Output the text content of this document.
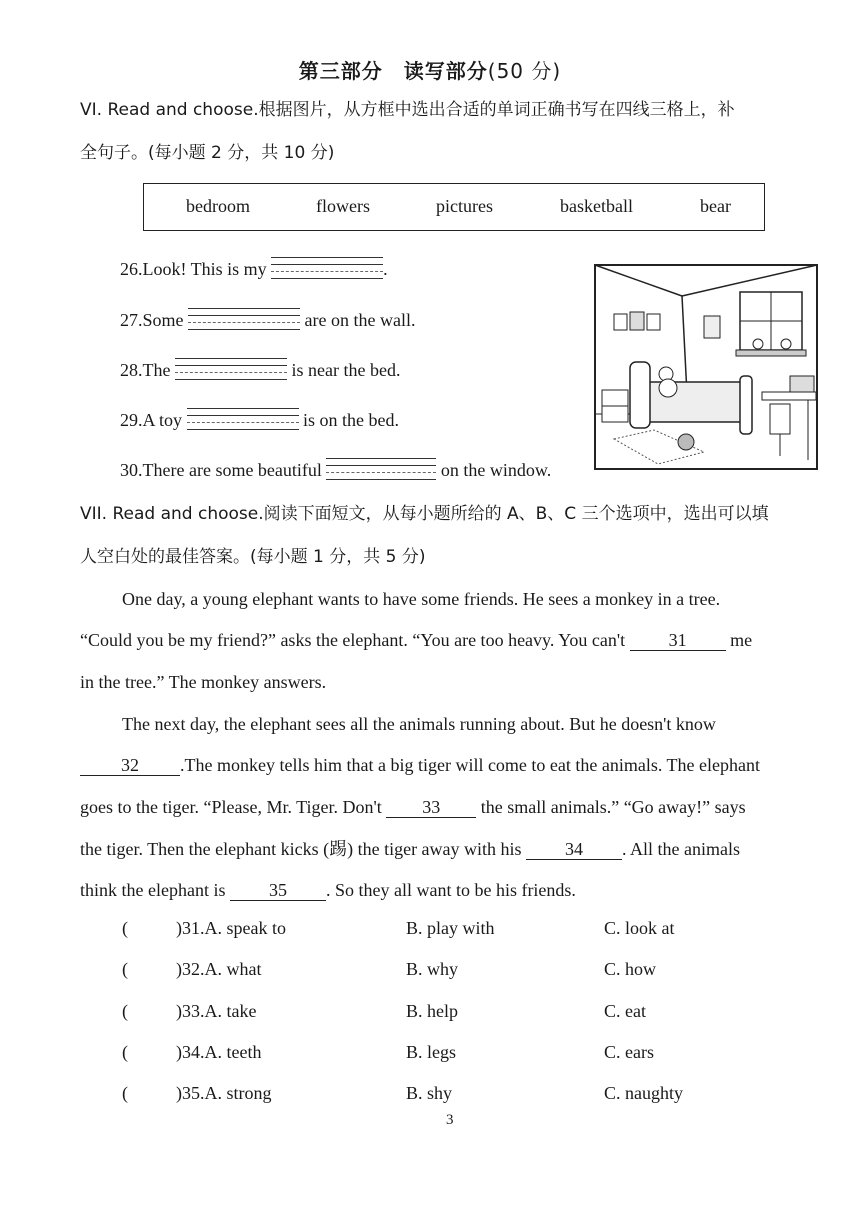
第三部分　读写部分(50 分)
VI. Read and choose.根据图片，从方框中选出合适的单词正确书写在四线三格上，补
全句子。(每小题 2 分，共 10 分)
bedroom	flowers	pictures	basketball	bear
26.Look! This is my	.
27.Some	are on the wall.
28.The	is near the bed.
29.A toy	is on the bed.
30.There are some beautiful	on the window.
VII. Read and choose.阅读下面短文，从每小题所给的 A、B、C 三个选项中，选出可以填
人空白处的最佳答案。(每小题 1 分，共 5 分)
One day, a young elephant wants to have some friends. He sees a monkey in a tree.
“Could you be my friend?” asks the elephant. “You are too heavy. You can't 31 me
in the tree.” The monkey answers.
The next day, the elephant sees all the animals running about. But he doesn't know
32 .The monkey tells him that a big tiger will come to eat the animals. The elephant
goes to the tiger. “Please, Mr. Tiger. Don't 33 the small animals.” “Go away!” says
the tiger. Then the elephant kicks (踢) the tiger away with his 34 . All the animals
think the elephant is 35 . So they all want to be his friends.
(	)31.A. speak to	B. play with	C. look at
(	)32.A. what	B. why	C. how
(	)33.A. take	B. help	C. eat
(	)34.A. teeth	B. legs	C. ears
(	)35.A. strong	B. shy	C. naughty
3
